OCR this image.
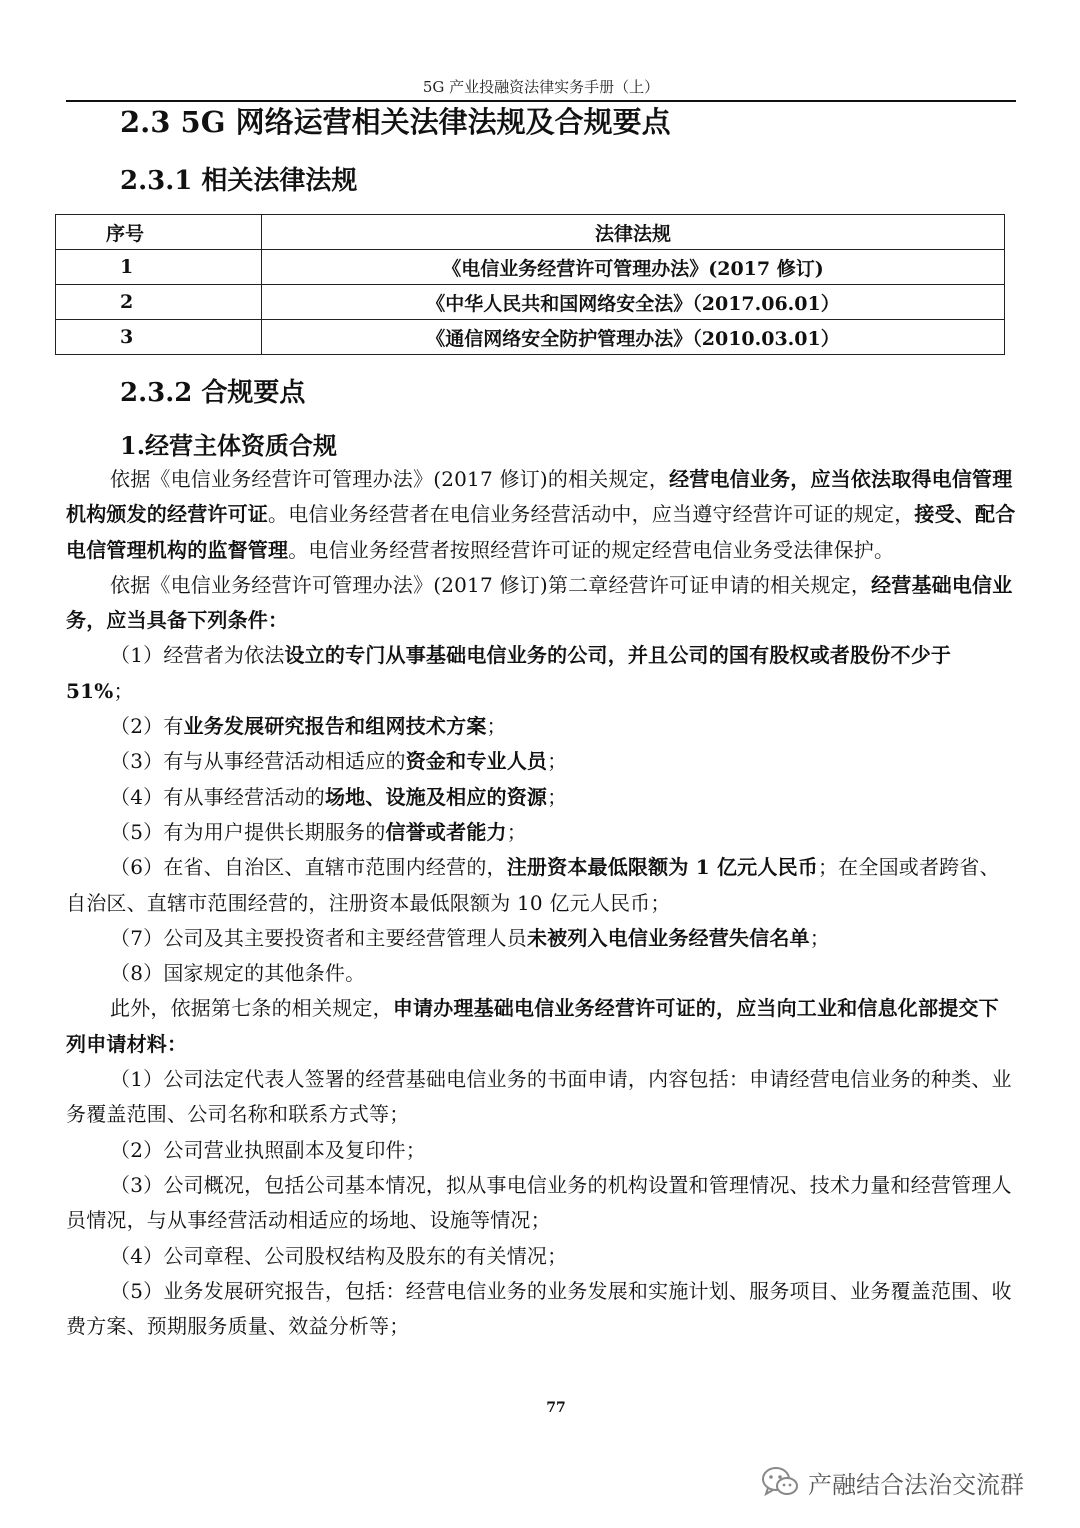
5G 产业投融资法律实务手册（上）
2.3 5G 网络运营相关法律法规及合规要点
2.3.1 相关法律法规
序号	法律法规
1	《电信业务经营许可管理办法》(2017 修订)
2	《中华人民共和国网络安全法》（2017.06.01）
3	《通信网络安全防护管理办法》（2010.03.01）
2.3.2 合规要点
1.经营主体资质合规

依据《电信业务经营许可管理办法》(2017 修订)的相关规定，经营电信业务，应当依法取得电信管理机构颁发的经营许可证。电信业务经营者在电信业务经营活动中，应当遵守经营许可证的规定，接受、配合电信管理机构的监督管理。电信业务经营者按照经营许可证的规定经营电信业务受法律保护。

依据《电信业务经营许可管理办法》(2017 修订)第二章经营许可证申请的相关规定，经营基础电信业务，应当具备下列条件：

（1）经营者为依法设立的专门从事基础电信业务的公司，并且公司的国有股权或者股份不少于 51%；

（2）有业务发展研究报告和组网技术方案；

（3）有与从事经营活动相适应的资金和专业人员；

（4）有从事经营活动的场地、设施及相应的资源；

（5）有为用户提供长期服务的信誉或者能力；

（6）在省、自治区、直辖市范围内经营的，注册资本最低限额为 1 亿元人民币；在全国或者跨省、自治区、直辖市范围经营的，注册资本最低限额为 10 亿元人民币；

（7）公司及其主要投资者和主要经营管理人员未被列入电信业务经营失信名单；

（8）国家规定的其他条件。

此外，依据第七条的相关规定，申请办理基础电信业务经营许可证的，应当向工业和信息化部提交下列申请材料：

（1）公司法定代表人签署的经营基础电信业务的书面申请，内容包括：申请经营电信业务的种类、业务覆盖范围、公司名称和联系方式等；

（2）公司营业执照副本及复印件；

（3）公司概况，包括公司基本情况，拟从事电信业务的机构设置和管理情况、技术力量和经营管理人员情况，与从事经营活动相适应的场地、设施等情况；

（4）公司章程、公司股权结构及股东的有关情况；

（5）业务发展研究报告，包括：经营电信业务的业务发展和实施计划、服务项目、业务覆盖范围、收费方案、预期服务质量、效益分析等；

77
产融结合法治交流群
